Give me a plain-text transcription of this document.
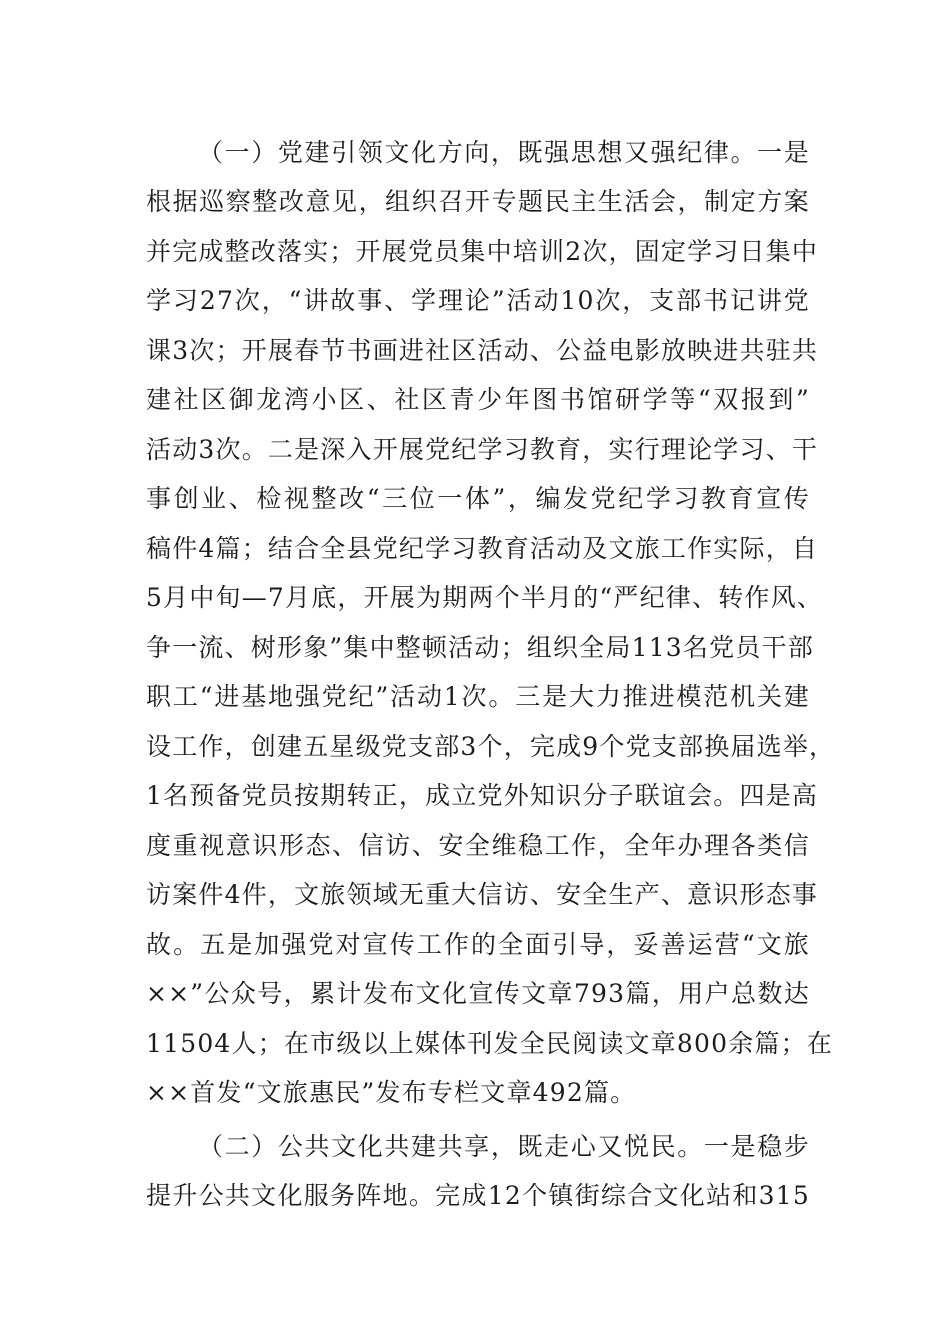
（一）党建引领文化方向，既强思想又强纪律。一是
根据巡察整改意见，组织召开专题民主生活会，制定方案
并完成整改落实；开展党员集中培训2次，固定学习日集中
学习27次，“讲故事、学理论”活动10次，支部书记讲党
课3次；开展春节书画进社区活动、公益电影放映进共驻共
建社区御龙湾小区、社区青少年图书馆研学等“双报到”
活动3次。二是深入开展党纪学习教育，实行理论学习、干
事创业、检视整改“三位一体”，编发党纪学习教育宣传
稿件4篇；结合全县党纪学习教育活动及文旅工作实际，自
5月中旬—7月底，开展为期两个半月的“严纪律、转作风、
争一流、树形象”集中整顿活动；组织全局113名党员干部
职工“进基地强党纪”活动1次。三是大力推进模范机关建
设工作，创建五星级党支部3个，完成9个党支部换届选举，
1名预备党员按期转正，成立党外知识分子联谊会。四是高
度重视意识形态、信访、安全维稳工作，全年办理各类信
访案件4件，文旅领域无重大信访、安全生产、意识形态事
故。五是加强党对宣传工作的全面引导，妥善运营“文旅
××”公众号，累计发布文化宣传文章793篇，用户总数达
11504人；在市级以上媒体刊发全民阅读文章800余篇；在
××首发“文旅惠民”发布专栏文章492篇。
（二）公共文化共建共享，既走心又悦民。一是稳步
提升公共文化服务阵地。完成12个镇街综合文化站和315
